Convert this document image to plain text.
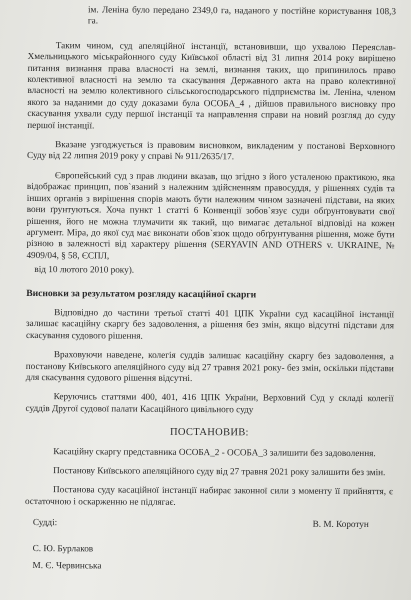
ім. Леніна було передано 2349,0 га, наданого у постійне користування 108,3 га.

Таким чином, суд апеляційної інстанції, встановивши, що ухвалою Переяслав-Хмельницького міськрайонного суду Київської області від 31 липня 2014 року вирішено питання визнання права власності на землі, визнання таких, що припинилось право колективної власності на землю та скасування Державного акта на право колективної власності на землю колективного сільськогосподарського підприємства ім. Леніна, членом якого за наданими до суду доказами була ОСОБА_4 , дійшов правильного висновку про скасування ухвали суду першої інстанції та направлення справи на новий розгляд до суду першої інстанції.

Вказане узгоджується із правовим висновком, викладеним у постанові Верховного Суду від 22 липня 2019 року у справі № 911/2635/17.

Європейський суд з прав людини вказав, що згідно з його усталеною практикою, яка відображає принцип, пов`язаний з належним здійсненням правосуддя, у рішеннях судів та інших органів з вирішення спорів мають бути належним чином зазначені підстави, на яких вони ґрунтуються. Хоча пункт 1 статті 6 Конвенції зобов`язує суди обґрунтовувати свої рішення, його не можна тлумачити як такий, що вимагає детальної відповіді на кожен аргумент. Міра, до якої суд має виконати обов`язок щодо обґрунтування рішення, може бути різною в залежності від характеру рішення (SERYAVIN AND OTHERS v. UKRAINE, № 4909/04, § 58, ЄСПЛ,

від 10 лютого 2010 року).

Висновки за результатом розгляду касаційної скарги

Відповідно до частини третьої статті 401 ЦПК України суд касаційної інстанції залишає касаційну скаргу без задоволення, а рішення без змін, якщо відсутні підстави для скасування судового рішення.

Враховуючи наведене, колегія суддів залишає касаційну скаргу без задоволення, а постанову Київського апеляційного суду від 27 травня 2021 року- без змін, оскільки підстави для скасування судового рішення відсутні.

Керуючись статтями 400, 401, 416 ЦПК України, Верховний Суд у складі колегії суддів Другої судової палати Касаційного цивільного суду

ПОСТАНОВИВ:

Касаційну скаргу представника ОСОБА_2 - ОСОБА_3 залишити без задоволення.

Постанову Київського апеляційного суду від 27 травня 2021 року залишити без змін.

Постанова суду касаційної інстанції набирає законної сили з моменту її прийняття, є остаточною і оскарженню не підлягає.

Судді:	В. М. Коротун

С. Ю. Бурлаков

М. Є. Червинська
